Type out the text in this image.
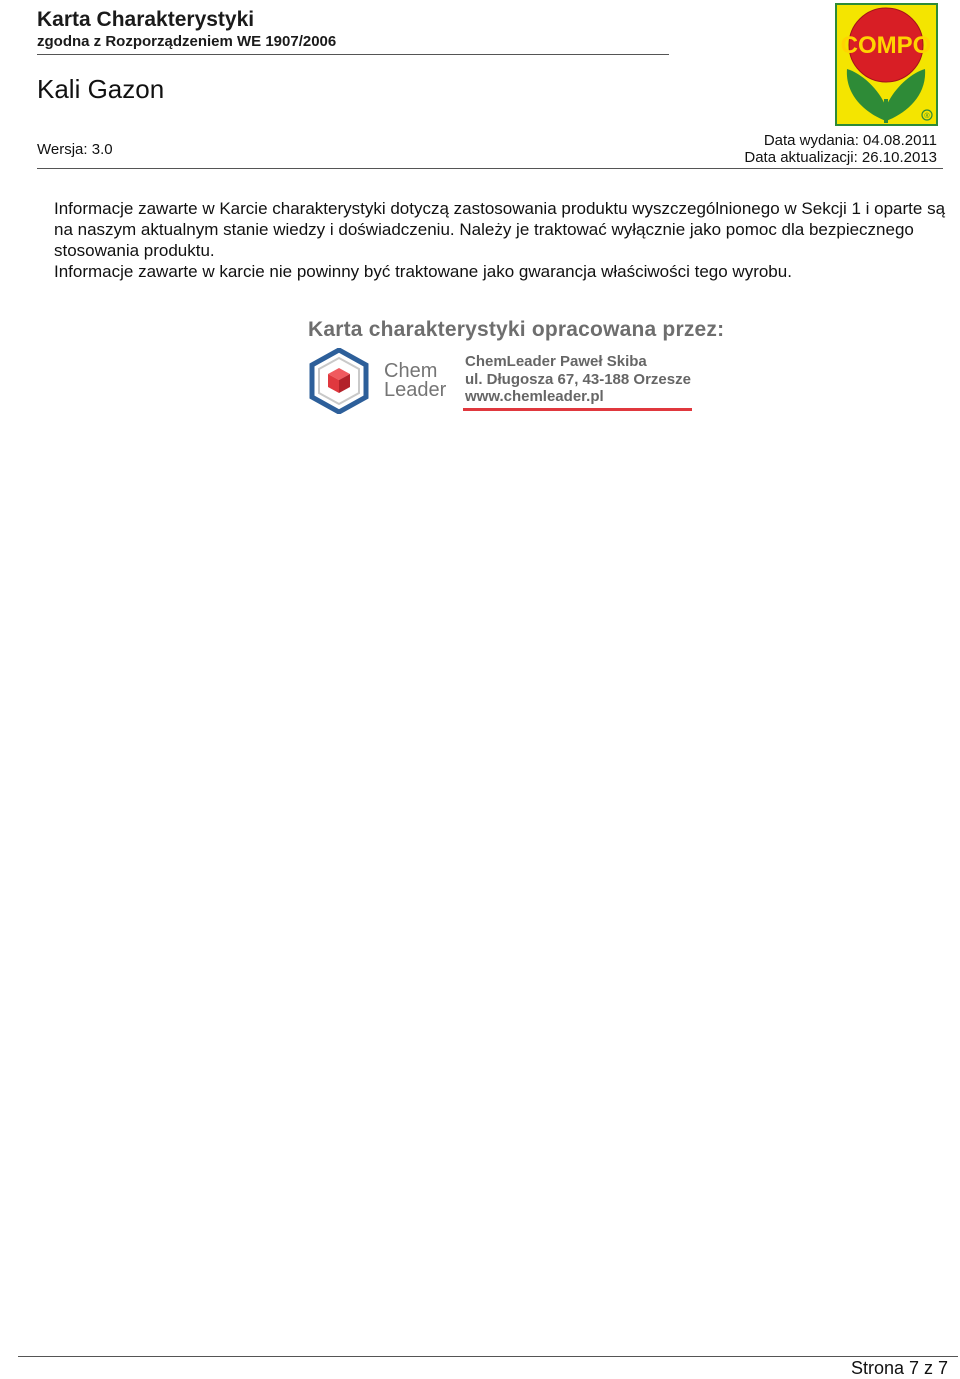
Karta Charakterystyki
zgodna z Rozporządzeniem WE 1907/2006
Kali Gazon
Wersja: 3.0
Data wydania: 04.08.2011
Data aktualizacji: 26.10.2013
COMPO
®

Informacje zawarte w Karcie charakterystyki dotyczą zastosowania produktu wyszczególnionego w Sekcji 1 i oparte są na naszym aktualnym stanie wiedzy i doświadczeniu. Należy je traktować wyłącznie jako pomoc dla bezpiecznego stosowania produktu.

Informacje zawarte w karcie nie powinny być traktowane jako gwarancja właściwości tego wyrobu.

Karta charakterystyki opracowana przez:
Chem
Leader
ChemLeader Paweł Skiba
ul. Długosza 67, 43-188 Orzesze
www.chemleader.pl
Strona 7 z 7
